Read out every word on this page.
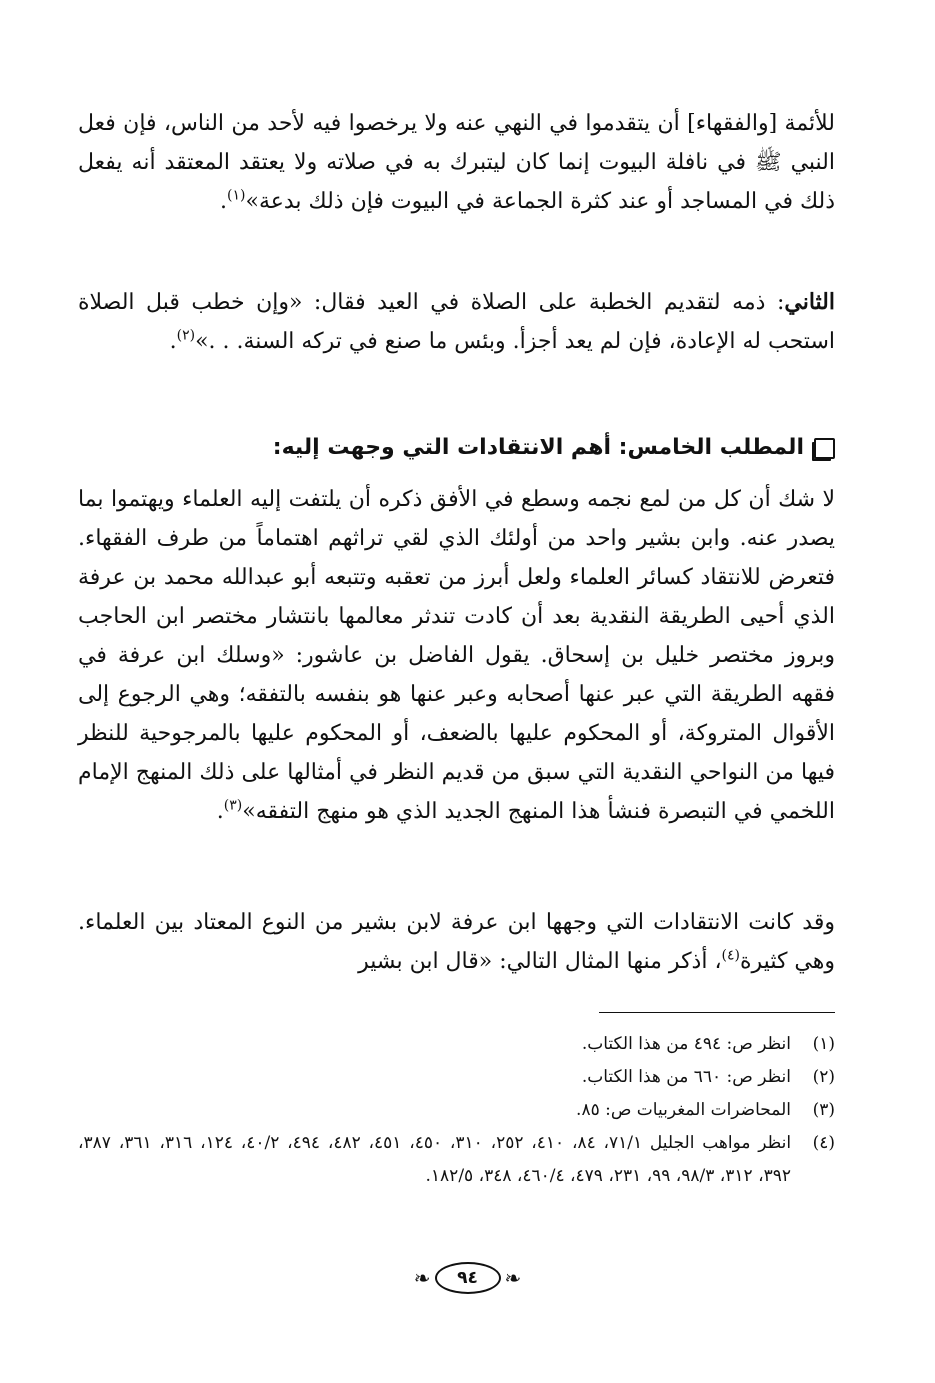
للأئمة [والفقهاء] أن يتقدموا في النهي عنه ولا يرخصوا فيه لأحد من الناس، فإن فعل النبي ﷺ في نافلة البيوت إنما كان ليتبرك به في صلاته ولا يعتقد المعتقد أنه يفعل ذلك في المساجد أو عند كثرة الجماعة في البيوت فإن ذلك بدعة»$^{(١)}$.
الثاني: ذمه لتقديم الخطبة على الصلاة في العيد فقال: «وإن خطب قبل الصلاة استحب له الإعادة، فإن لم يعد أجزأ. وبئس ما صنع في تركه السنة. . .»$^{(٢)}$.
المطلب الخامس: أهم الانتقادات التي وجهت إليه:
لا شك أن كل من لمع نجمه وسطع في الأفق ذكره أن يلتفت إليه العلماء ويهتموا بما يصدر عنه. وابن بشير واحد من أولئك الذي لقي تراثهم اهتماماً من طرف الفقهاء. فتعرض للانتقاد كسائر العلماء ولعل أبرز من تعقبه وتتبعه أبو عبدالله محمد بن عرفة الذي أحيى الطريقة النقدية بعد أن كادت تندثر معالمها بانتشار مختصر ابن الحاجب وبروز مختصر خليل بن إسحاق. يقول الفاضل بن عاشور: «وسلك ابن عرفة في فقهه الطريقة التي عبر عنها أصحابه وعبر عنها هو بنفسه بالتفقه؛ وهي الرجوع إلى الأقوال المتروكة، أو المحكوم عليها بالضعف، أو المحكوم عليها بالمرجوحية للنظر فيها من النواحي النقدية التي سبق من قديم النظر في أمثالها على ذلك المنهج الإمام اللخمي في التبصرة فنشأ هذا المنهج الجديد الذي هو منهج التفقه»$^{(٣)}$.
وقد كانت الانتقادات التي وجهها ابن عرفة لابن بشير من النوع المعتاد بين العلماء. وهي كثيرة$^{(٤)}$، أذكر منها المثال التالي: «قال ابن بشير
(١)
انظر ص: ٤٩٤ من هذا الكتاب.
(٢)
انظر ص: ٦٦٠ من هذا الكتاب.
(٣)
المحاضرات المغربيات ص: ٨٥.
(٤)
انظر مواهب الجليل ٧١/١، ٨٤، ٤١٠، ٢٥٢، ٣١٠، ٤٥٠، ٤٥١، ٤٨٢، ٤٩٤، ٤٠/٢، ١٢٤، ٣١٦، ٣٦١، ٣٨٧، ٣٩٢، ٣١٢، ٩٨/٣، ٩٩، ٢٣١، ٤٧٩، ٤٦٠/٤، ٣٤٨، ١٨٢/٥.
❧	٩٤	❧
